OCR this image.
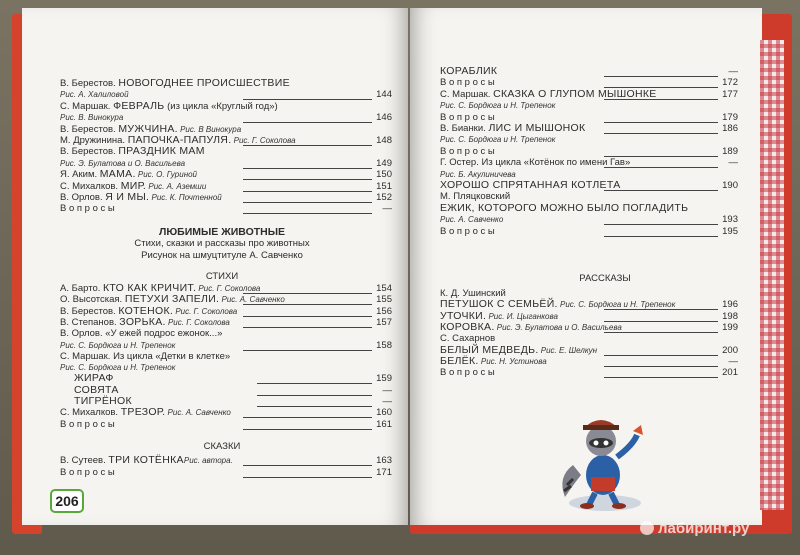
В. Берестов. НОВОГОДНЕЕ ПРОИСШЕСТВИЕ
Рис. А. Халиловой	144
С. Маршак. ФЕВРАЛЬ (из цикла «Круглый год»)
Рис. В. Винокура	146
В. Берестов. МУЖЧИНА. Рис. В Винокура
М. Дружинина. ПАПОЧКА-ПАПУЛЯ. Рис. Г. Соколова	148
В. Берестов. ПРАЗДНИК МАМ
Рис. Э. Булатова и О. Васильева	149
Я. Аким. МАМА. Рис. О. Гуриной	150
С. Михалков. МИР. Рис. А. Аземши	151
В. Орлов. Я И МЫ. Рис. К. Почтенной	152
В о п р о с ы	—
ЛЮБИМЫЕ ЖИВОТНЫЕ
Стихи, сказки и рассказы про животных
Рисунок на шмуцтитуле А. Савченко
СТИХИ
А. Барто. КТО КАК КРИЧИТ. Рис. Г. Соколова	154
О. Высотская. ПЕТУХИ ЗАПЕЛИ. Рис. А. Савченко	155
В. Берестов. КОТЕНОК. Рис. Г. Соколова	156
В. Степанов. ЗОРЬКА. Рис. Г. Соколова	157
В. Орлов. «У ежей подрос ежонок...»
Рис. С. Бордюга и Н. Трепенок	158
С. Маршак. Из цикла «Детки в клетке»
Рис. С. Бордюга и Н. Трепенок
ЖИРАФ	159
СОВЯТА	—
ТИГРЁНОК	—
С. Михалков. ТРЕЗОР. Рис. А. Савченко	160
В о п р о с ы	161
СКАЗКИ
В. Сутеев. ТРИ КОТЁНКАРис. автора.	163
В о п р о с ы	171
206
КОРАБЛИК	—
В о п р о с ы	172
С. Маршак. СКАЗКА О ГЛУПОМ МЫШОНКЕ	177
Рис. С. Бордюга и Н. Трепенок
В о п р о с ы	179
В. Бианки. ЛИС И МЫШОНОК	186
Рис. С. Бордюга и Н. Трепенок
В о п р о с ы	189
Г. Остер. Из цикла «Котёнок по имени Гав»	—
Рис. Б. Акулиничева
ХОРОШО СПРЯТАННАЯ КОТЛЕТА	190
М. Пляцковский
ЕЖИК, КОТОРОГО МОЖНО БЫЛО ПОГЛАДИТЬ
Рис. А. Савченко	193
В о п р о с ы	195
РАССКАЗЫ
К. Д. Ушинский
ПЕТУШОК С СЕМЬЁЙ. Рис. С. Бордюга и Н. Трепенок	196
УТОЧКИ. Рис. И. Цыганкова	198
КОРОВКА. Рис. Э. Булатова и О. Васильева	199
С. Сахарнов
БЕЛЫЙ МЕДВЕДЬ. Рис. Е. Шелкун	200
БЕЛЁК. Рис. Н. Устинова	—
В о п р о с ы	201
лабиринт.ру
